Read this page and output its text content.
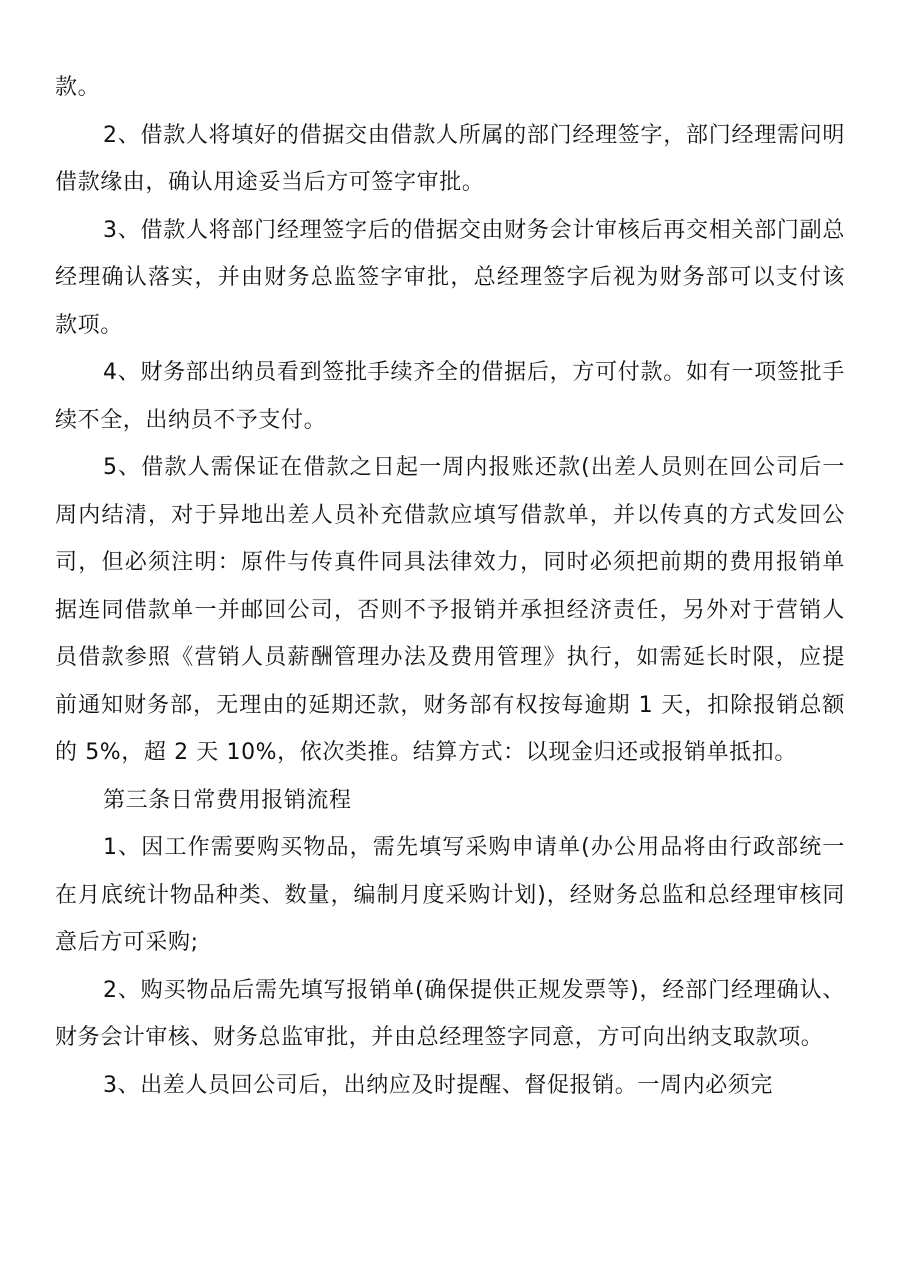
款。

2、借款人将填好的借据交由借款人所属的部门经理签字，部门经理需问明借款缘由，确认用途妥当后方可签字审批。

3、借款人将部门经理签字后的借据交由财务会计审核后再交相关部门副总经理确认落实，并由财务总监签字审批，总经理签字后视为财务部可以支付该款项。

4、财务部出纳员看到签批手续齐全的借据后，方可付款。如有一项签批手续不全，出纳员不予支付。

5、借款人需保证在借款之日起一周内报账还款(出差人员则在回公司后一周内结清，对于异地出差人员补充借款应填写借款单，并以传真的方式发回公司，但必须注明：原件与传真件同具法律效力，同时必须把前期的费用报销单据连同借款单一并邮回公司，否则不予报销并承担经济责任，另外对于营销人员借款参照《营销人员薪酬管理办法及费用管理》执行，如需延长时限，应提前通知财务部，无理由的延期还款，财务部有权按每逾期 1 天，扣除报销总额的 5%，超 2 天 10%，依次类推。结算方式：以现金归还或报销单抵扣。

第三条日常费用报销流程

1、因工作需要购买物品，需先填写采购申请单(办公用品将由行政部统一在月底统计物品种类、数量，编制月度采购计划)，经财务总监和总经理审核同意后方可采购;

2、购买物品后需先填写报销单(确保提供正规发票等)，经部门经理确认、财务会计审核、财务总监审批，并由总经理签字同意，方可向出纳支取款项。

3、出差人员回公司后，出纳应及时提醒、督促报销。一周内必须完
